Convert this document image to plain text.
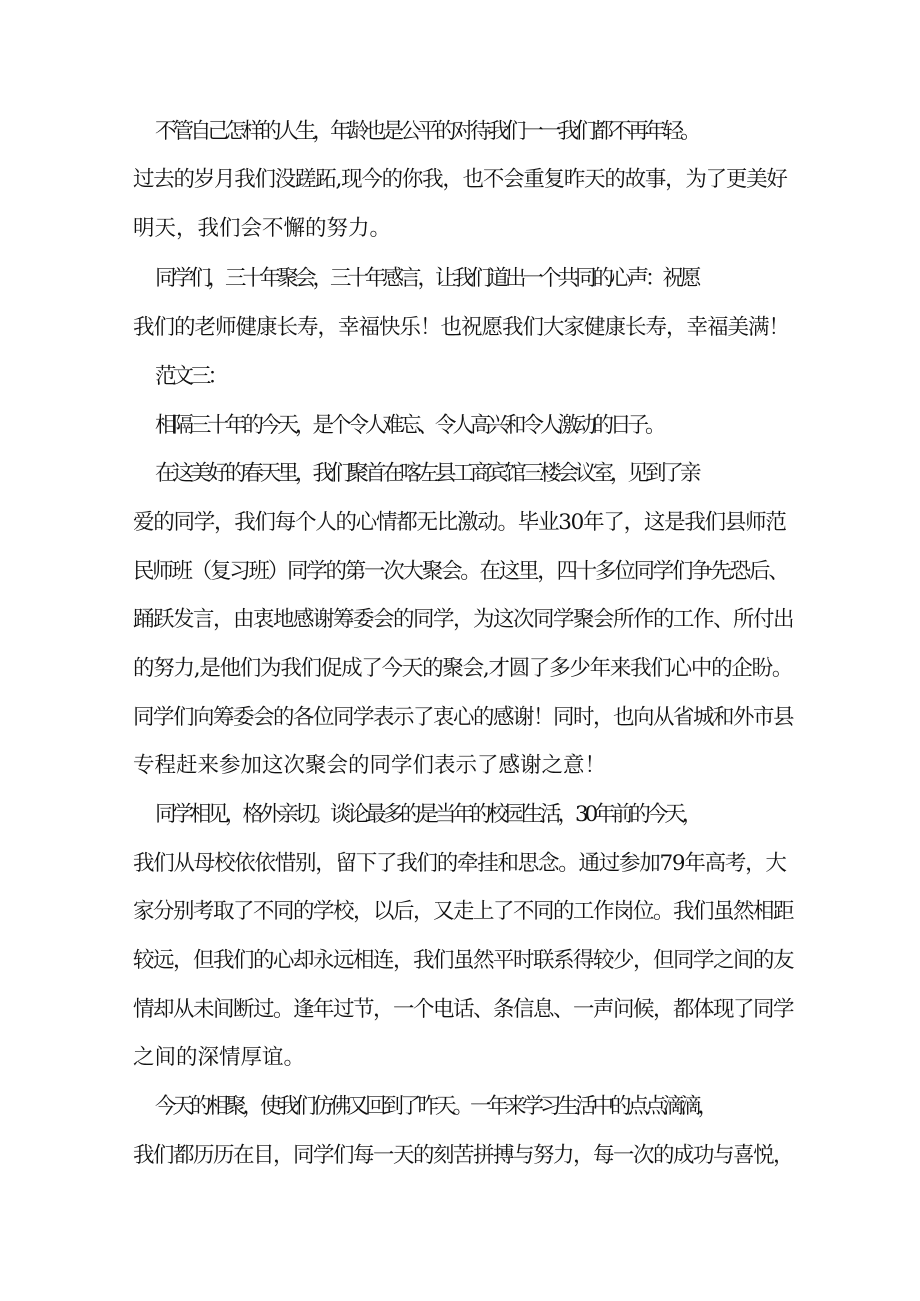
不管自己怎样的人生，年龄也是公平的对待我们一一我们都不再年轻。
过去的岁月我们没蹉跖,现今的你我，也不会重复昨天的故事，为了更美好
明天，我们会不懈的努力。
同学们，三十年聚会，三十年感言，让我们道出一个共同的心声：祝愿
我们的老师健康长寿，幸福快乐！也祝愿我们大家健康长寿，幸福美满！
范文三：
相隔三十年的今天，是个令人难忘、令人高兴和令人激动的日子。
在这美好的春天里，我们聚首在喀左县工商宾馆三楼会议室，见到了亲
爱的同学，我们每个人的心情都无比激动。毕业30年了，这是我们县师范
民师班（复习班）同学的第一次大聚会。在这里，四十多位同学们争先恐后、
踊跃发言，由衷地感谢筹委会的同学，为这次同学聚会所作的工作、所付出
的努力,是他们为我们促成了今天的聚会,才圆了多少年来我们心中的企盼。
同学们向筹委会的各位同学表示了衷心的感谢！同时，也向从省城和外市县
专程赶来参加这次聚会的同学们表示了感谢之意！
同学相见，格外亲切。谈论最多的是当年的校园生活，30年前的今天，
我们从母校依依惜别，留下了我们的牵挂和思念。通过参加79年高考，大
家分别考取了不同的学校，以后，又走上了不同的工作岗位。我们虽然相距
较远，但我们的心却永远相连，我们虽然平时联系得较少，但同学之间的友
情却从未间断过。逢年过节，一个电话、条信息、一声问候，都体现了同学
之间的深情厚谊。
今天的相聚，使我们仿佛又回到了昨天。一年来学习生活中的点点滴滴，
我们都历历在目，同学们每一天的刻苦拼搏与努力，每一次的成功与喜悦，
